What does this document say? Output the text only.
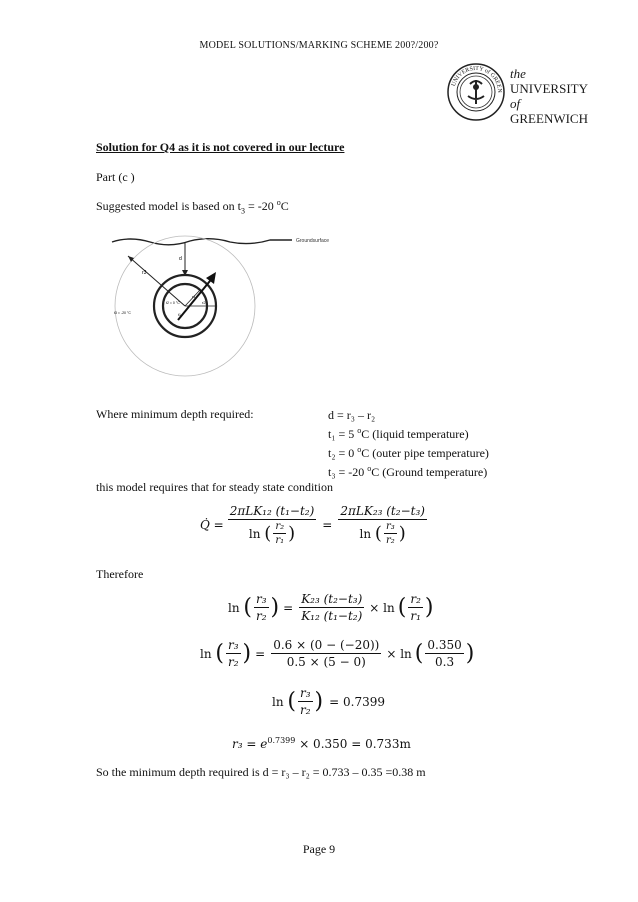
MODEL SOLUTIONS/MARKING SCHEME 200?/200?
UNIVERSITY of GREEN
the
UNIVERSITY
of
GREENWICH
Solution for Q4 as it is not covered in our lecture
Part (c )
Suggested model is based on $t_3 = -20$ $^o$C
Groundsurface
d
r3
r2
r1
t2 = 0 °C
t3 = -20 °C	t1
Where minimum depth required:	d = r₃ – r₂
t₁ = 5 $^o$C (liquid temperature)
t₂ = 0 $^o$C (outer pipe temperature)
t₃ = -20 $^o$C (Ground temperature)
this model requires that for steady state condition
Q̇ = 2πLK₁₂ (t₁−t₂)
ln
( $\frac{\text{r₂}}{\text{r₁}}$ ) = 2πLK₂₃ (t₂−t₃)
ln
( $\frac{\text{r₃}}{\text{r₂}}$ )
Therefore
ln
( $\frac{\text{r₃}}{\text{r₂}}$ ) = $\frac{\text{K₂₃ (t₂−t₃)}}{\text{K₁₂ (t₁−t₂)}} \times \ln$ ( $\frac{\text{r₂}}{\text{r₁}}$ )
ln
( $\frac{\text{r₃}}{\text{r₂}}$ ) = $\frac{0.6 \times (0 - (-20))}{0.5 \times (5 - 0)} \times \ln$ ( $\frac{0.350}{0.3}$ )
ln
( $\frac{\text{r₃}}{\text{r₂}}$ ) = 0.7399
$r_3 = e^{0.7399} \times 0.350 = 0.733m$
So the minimum depth required is d = r₃ – r₂ = 0.733 – 0.35 =0.38 m
Page 9
